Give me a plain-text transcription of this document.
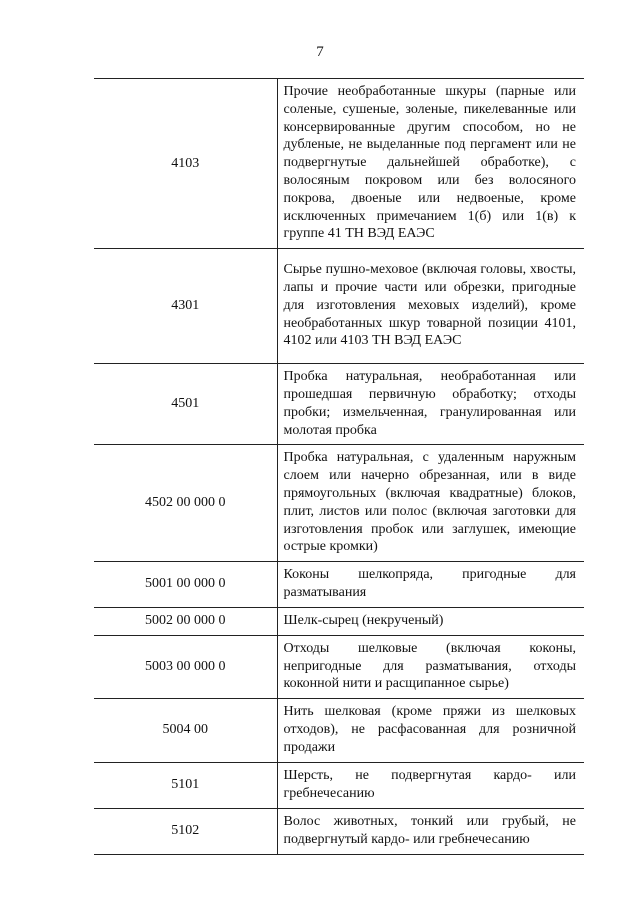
7
4103	Прочие необработанные шкуры (парные или соленые, сушеные, золеные, пикелеванные или консервированные другим способом, но не дубленые, не выделанные под пергамент или не подвергнутые дальнейшей обработке), с волосяным покровом или без волосяного покрова, двоеные или недвоеные, кроме исключенных примечанием 1(б) или 1(в) к группе 41 ТН ВЭД ЕАЭС
4301	Сырье пушно-меховое (включая головы, хвосты, лапы и прочие части или обрезки, пригодные для изготовления меховых изделий), кроме необработанных шкур товарной позиции 4101, 4102 или 4103 ТН ВЭД ЕАЭС
4501	Пробка натуральная, необработанная или прошедшая первичную обработку; отходы пробки; измельченная, гранулированная или молотая пробка
4502 00 000 0	Пробка натуральная, с удаленным наружным слоем или начерно обрезанная, или в виде прямоугольных (включая квадратные) блоков, плит, листов или полос (включая заготовки для изготовления пробок или заглушек, имеющие острые кромки)
5001 00 000 0	Коконы шелкопряда, пригодные для разматывания
5002 00 000 0	Шелк-сырец (некрученый)
5003 00 000 0	Отходы шелковые (включая коконы, непригодные для разматывания, отходы коконной нити и расщипанное сырье)
5004 00	Нить шелковая (кроме пряжи из шелковых отходов), не расфасованная для розничной продажи
5101	Шерсть, не подвергнутая кардо- или гребнечесанию
5102	Волос животных, тонкий или грубый, не подвергнутый кардо- или гребнечесанию
